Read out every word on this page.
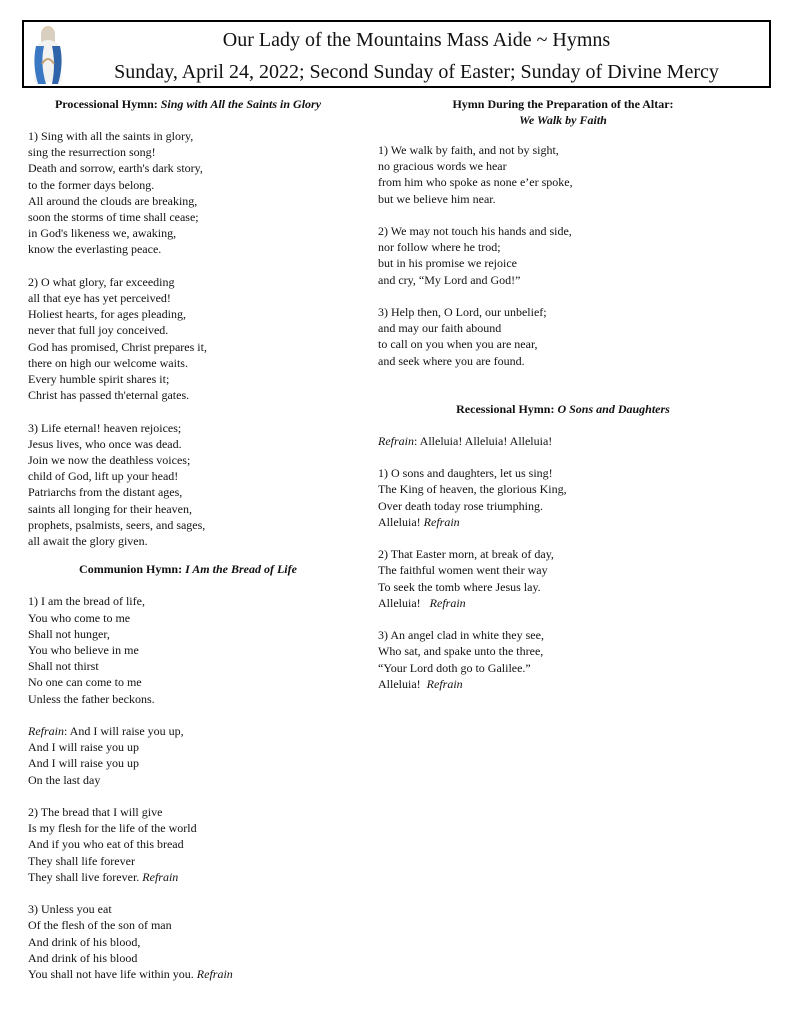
Our Lady of the Mountains Mass Aide ~ Hymns
Sunday, April 24, 2022; Second Sunday of Easter; Sunday of Divine Mercy
Processional Hymn: Sing with All the Saints in Glory
1) Sing with all the saints in glory,
sing the resurrection song!
Death and sorrow, earth's dark story,
to the former days belong.
All around the clouds are breaking,
soon the storms of time shall cease;
in God's likeness we, awaking,
know the everlasting peace.
2) O what glory, far exceeding
all that eye has yet perceived!
Holiest hearts, for ages pleading,
never that full joy conceived.
God has promised, Christ prepares it,
there on high our welcome waits.
Every humble spirit shares it;
Christ has passed th'eternal gates.
3) Life eternal! heaven rejoices;
Jesus lives, who once was dead.
Join we now the deathless voices;
child of God, lift up your head!
Patriarchs from the distant ages,
saints all longing for their heaven,
prophets, psalmists, seers, and sages,
all await the glory given.
Communion Hymn: I Am the Bread of Life
1) I am the bread of life,
You who come to me
Shall not hunger,
You who believe in me
Shall not thirst
No one can come to me
Unless the father beckons.
Refrain: And I will raise you up,
And I will raise you up
And I will raise you up
On the last day
2) The bread that I will give
Is my flesh for the life of the world
And if you who eat of this bread
They shall life forever
They shall live forever. Refrain
3) Unless you eat
Of the flesh of the son of man
And drink of his blood,
And drink of his blood
You shall not have life within you. Refrain
Hymn During the Preparation of the Altar:
We Walk by Faith
1) We walk by faith, and not by sight,
no gracious words we hear
from him who spoke as none e’er spoke,
but we believe him near.
2) We may not touch his hands and side,
nor follow where he trod;
but in his promise we rejoice
and cry, “My Lord and God!”
3) Help then, O Lord, our unbelief;
and may our faith abound
to call on you when you are near,
and seek where you are found.
Recessional Hymn: O Sons and Daughters
Refrain: Alleluia! Alleluia! Alleluia!
1) O sons and daughters, let us sing!
The King of heaven, the glorious King,
Over death today rose triumphing.
Alleluia! Refrain
2) That Easter morn, at break of day,
The faithful women went their way
To seek the tomb where Jesus lay.
Alleluia!   Refrain
3) An angel clad in white they see,
Who sat, and spake unto the three,
“Your Lord doth go to Galilee.”
Alleluia!  Refrain
